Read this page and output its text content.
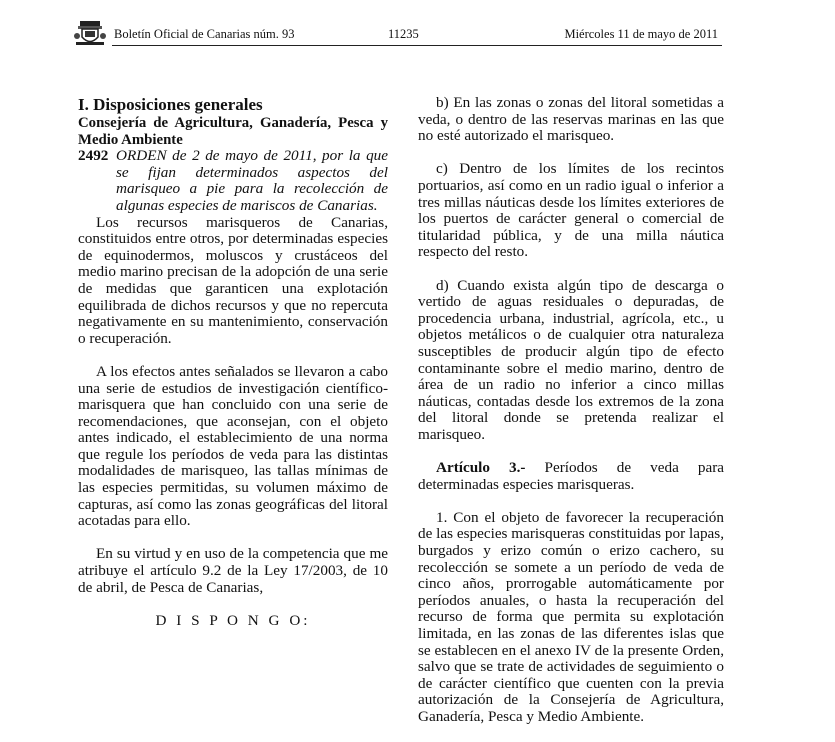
Boletín Oficial de Canarias núm. 93	11235	Miércoles 11 de mayo de 2011

I. Disposiciones generales

Consejería de Agricultura, Ganadería, Pesca y Medio Ambiente

2492 ORDEN de 2 de mayo de 2011, por la que se fijan determinados aspectos del marisqueo a pie para la recolección de algunas especies de mariscos de Canarias.

Los recursos marisqueros de Canarias, constituidos entre otros, por determinadas especies de equinodermos, moluscos y crustáceos del medio marino precisan de la adopción de una serie de medidas que garanticen una explotación equilibrada de dichos recursos y que no repercuta negativamente en su mantenimiento, conservación o recuperación.

A los efectos antes señalados se llevaron a cabo una serie de estudios de investigación científico-marisquera que han concluido con una serie de recomendaciones, que aconsejan, con el objeto antes indicado, el establecimiento de una norma que regule los períodos de veda para las distintas modalidades de marisqueo, las tallas mínimas de las especies permitidas, su volumen máximo de capturas, así como las zonas geográficas del litoral acotadas para ello.

En su virtud y en uso de la competencia que me atribuye el artículo 9.2 de la Ley 17/2003, de 10 de abril, de Pesca de Canarias,

D I S P O N G O:

b) En las zonas o zonas del litoral sometidas a veda, o dentro de las reservas marinas en las que no esté autorizado el marisqueo.

c) Dentro de los límites de los recintos portuarios, así como en un radio igual o inferior a tres millas náuticas desde los límites exteriores de los puertos de carácter general o comercial de titularidad pública, y de una milla náutica respecto del resto.

d) Cuando exista algún tipo de descarga o vertido de aguas residuales o depuradas, de procedencia urbana, industrial, agrícola, etc., u objetos metálicos o de cualquier otra naturaleza susceptibles de producir algún tipo de efecto contaminante sobre el medio marino, dentro de área de un radio no inferior a cinco millas náuticas, contadas desde los extremos de la zona del litoral donde se pretenda realizar el marisqueo.

Artículo 3.- Períodos de veda para determinadas especies marisqueras.

1. Con el objeto de favorecer la recuperación de las especies marisqueras constituidas por lapas, burgados y erizo común o erizo cachero, su recolección se somete a un período de veda de cinco años, prorrogable automáticamente por períodos anuales, o hasta la recuperación del recurso de forma que permita su explotación limitada, en las zonas de las diferentes islas que se establecen en el anexo IV de la presente Orden, salvo que se trate de actividades de seguimiento o de carácter científico que cuenten con la previa autorización de la Consejería de Agricultura, Ganadería, Pesca y Medio Ambiente.
